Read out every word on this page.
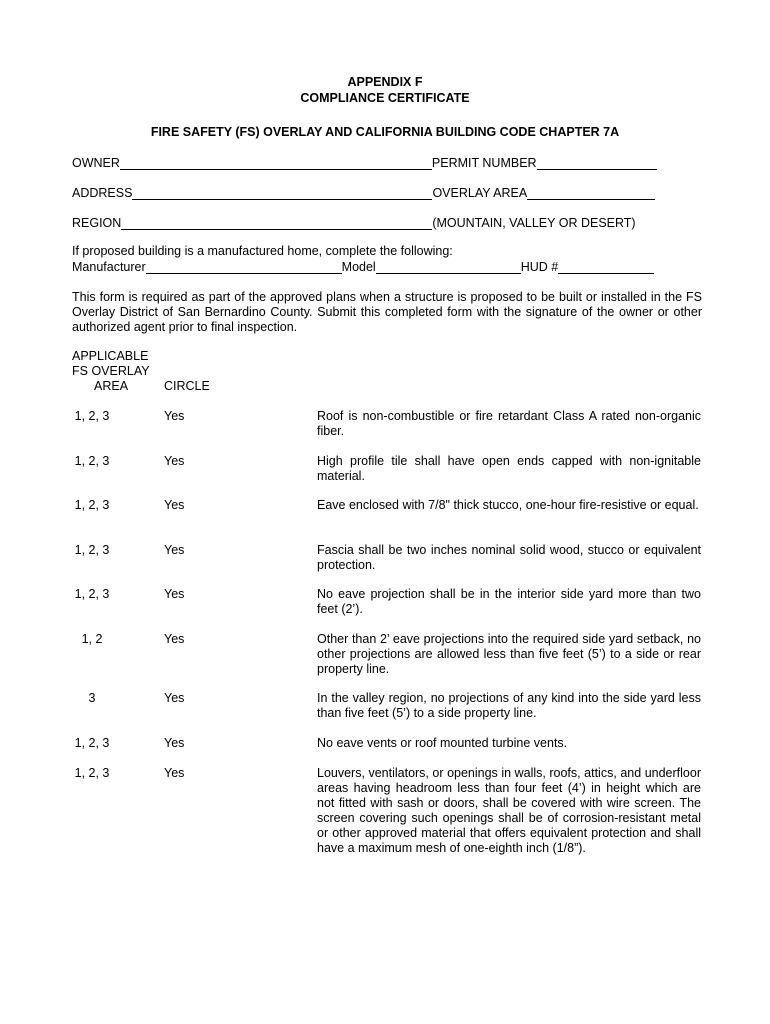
APPENDIX F
COMPLIANCE CERTIFICATE
FIRE SAFETY (FS) OVERLAY AND CALIFORNIA BUILDING CODE CHAPTER 7A
OWNER	PERMIT NUMBER
ADDRESS	OVERLAY AREA
REGION	(MOUNTAIN, VALLEY OR DESERT)
If proposed building is a manufactured home, complete the following:
Manufacturer	Model	HUD #
This form is required as part of the approved plans when a structure is proposed to be built or installed in the FS Overlay District of San Bernardino County. Submit this completed form with the signature of the owner or other authorized agent prior to final inspection.
APPLICABLE
FS OVERLAY
AREA	CIRCLE
1, 2, 3	Yes	Roof is non-combustible or fire retardant Class A rated non-organic fiber.
1, 2, 3	Yes	High profile tile shall have open ends capped with non-ignitable material.
1, 2, 3	Yes	Eave enclosed with 7/8" thick stucco, one-hour fire-resistive or equal.
1, 2, 3	Yes	Fascia shall be two inches nominal solid wood, stucco or equivalent protection.
1, 2, 3	Yes	No eave projection shall be in the interior side yard more than two feet (2’).
1, 2	Yes	Other than 2’ eave projections into the required side yard setback, no other projections are allowed less than five feet (5’) to a side or rear property line.
3	Yes	In the valley region, no projections of any kind into the side yard less than five feet (5’) to a side property line.
1, 2, 3	Yes	No eave vents or roof mounted turbine vents.
1, 2, 3	Yes	Louvers, ventilators, or openings in walls, roofs, attics, and underfloor areas having headroom less than four feet (4’) in height which are not fitted with sash or doors, shall be covered with wire screen. The screen covering such openings shall be of corrosion-resistant metal or other approved material that offers equivalent protection and shall have a maximum mesh of one-eighth inch (1/8”).
